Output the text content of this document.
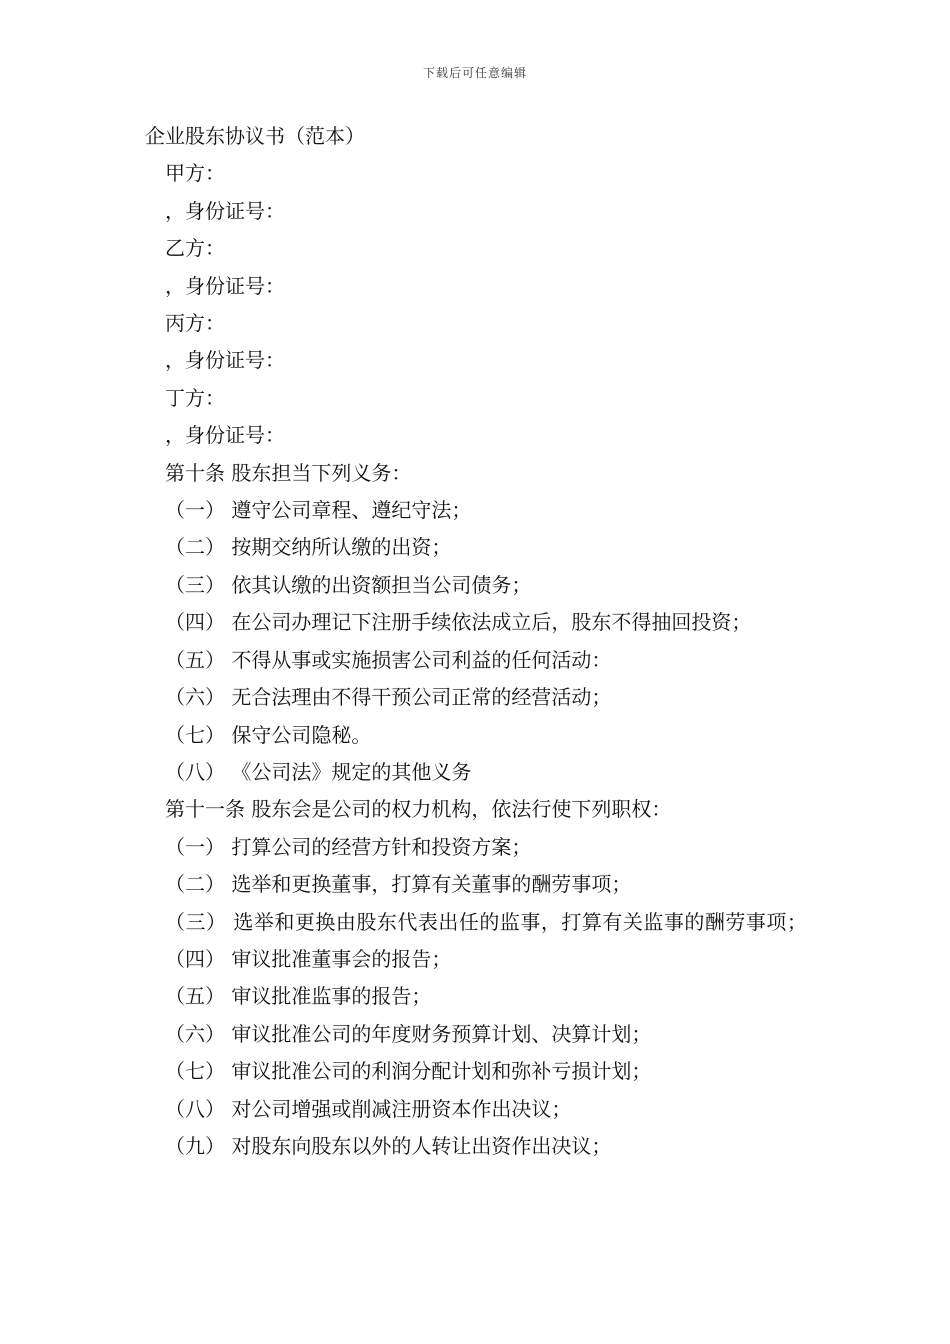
下载后可任意编辑
企业股东协议书（范本）
甲方：
，身份证号：
乙方：
，身份证号：
丙方：
，身份证号：
丁方：
，身份证号：
第十条 股东担当下列义务：
（一） 遵守公司章程、遵纪守法；
（二） 按期交纳所认缴的出资；
（三） 依其认缴的出资额担当公司债务；
（四） 在公司办理记下注册手续依法成立后，股东不得抽回投资；
（五） 不得从事或实施损害公司利益的任何活动：
（六） 无合法理由不得干预公司正常的经营活动；
（七） 保守公司隐秘。
（八） 《公司法》规定的其他义务
第十一条 股东会是公司的权力机构，依法行使下列职权：
（一） 打算公司的经营方针和投资方案；
（二） 选举和更换董事，打算有关董事的酬劳事项；
（三） 选举和更换由股东代表出任的监事，打算有关监事的酬劳事项；
（四） 审议批准董事会的报告；
（五） 审议批准监事的报告；
（六） 审议批准公司的年度财务预算计划、决算计划；
（七） 审议批准公司的利润分配计划和弥补亏损计划；
（八） 对公司增强或削减注册资本作出决议；
（九） 对股东向股东以外的人转让出资作出决议；
